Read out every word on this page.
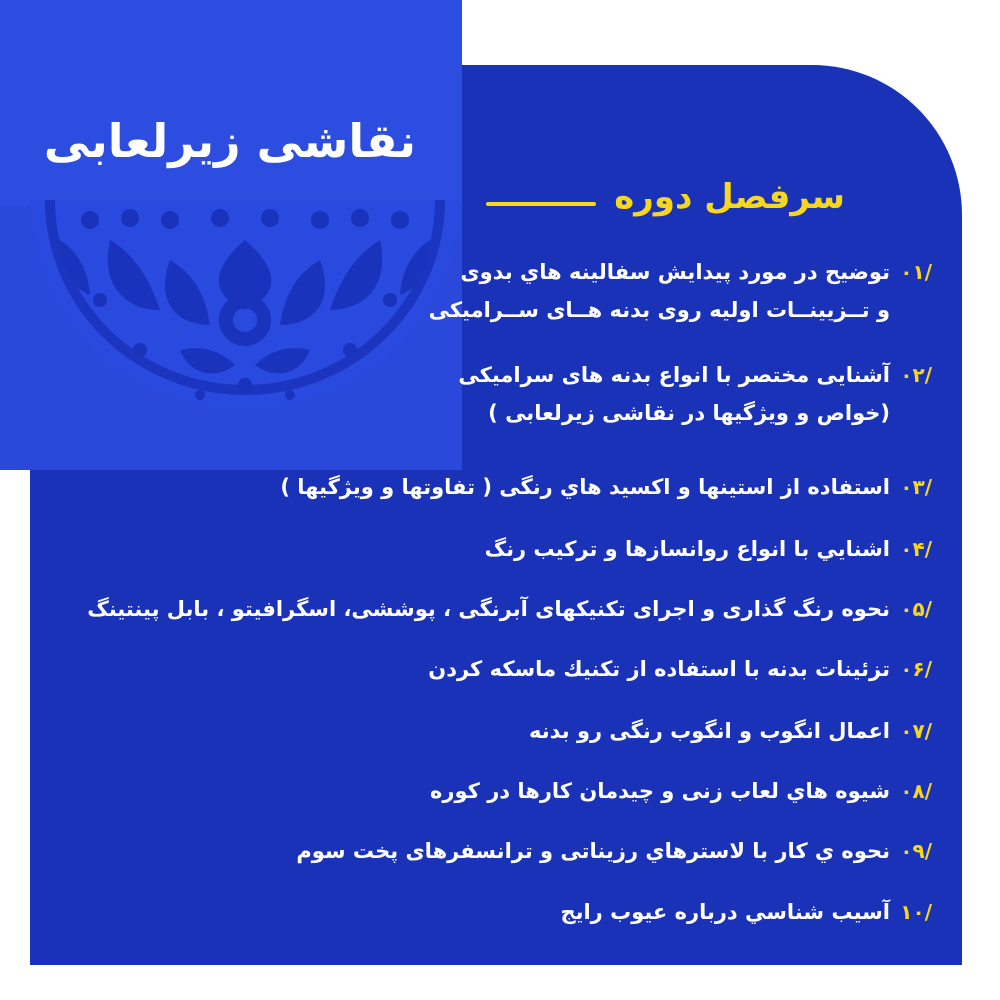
نقاشی زیرلعابی
سرفصل دوره
۰۱/
توضیح در مورد پیدایش سفالینه هاي بدوی
و تــزیینــات اولیه روی بدنه هــای ســرامیکی
۰۲/
آشنایی مختصر با انواع بدنه های سرامیکی
(خواص و ویژگیها در نقاشی زیرلعابی )
۰۳/
استفاده از استینها و اکسید هاي رنگی ( تفاوتها و ویژگیها )
۰۴/
اشنايي با انواع روانسازها و ترکیب رنگ
۰۵/
نحوه رنگ گذاری و اجرای تکنیکهای آبرنگی ، پوششی، اسگرافیتو ، بابل پینتینگ
۰۶/
تزئینات بدنه با استفاده از تکنیك ماسکه کردن
۰۷/
اعمال انگوب و انگوب رنگی رو بدنه
۰۸/
شیوه هاي لعاب زنی و چیدمان کارها در کوره
۰۹/
نحوه ي کار با لاسترهاي رزیناتی و ترانسفرهای پخت سوم
۱۰/
آسیب شناسي درباره عیوب رايج
